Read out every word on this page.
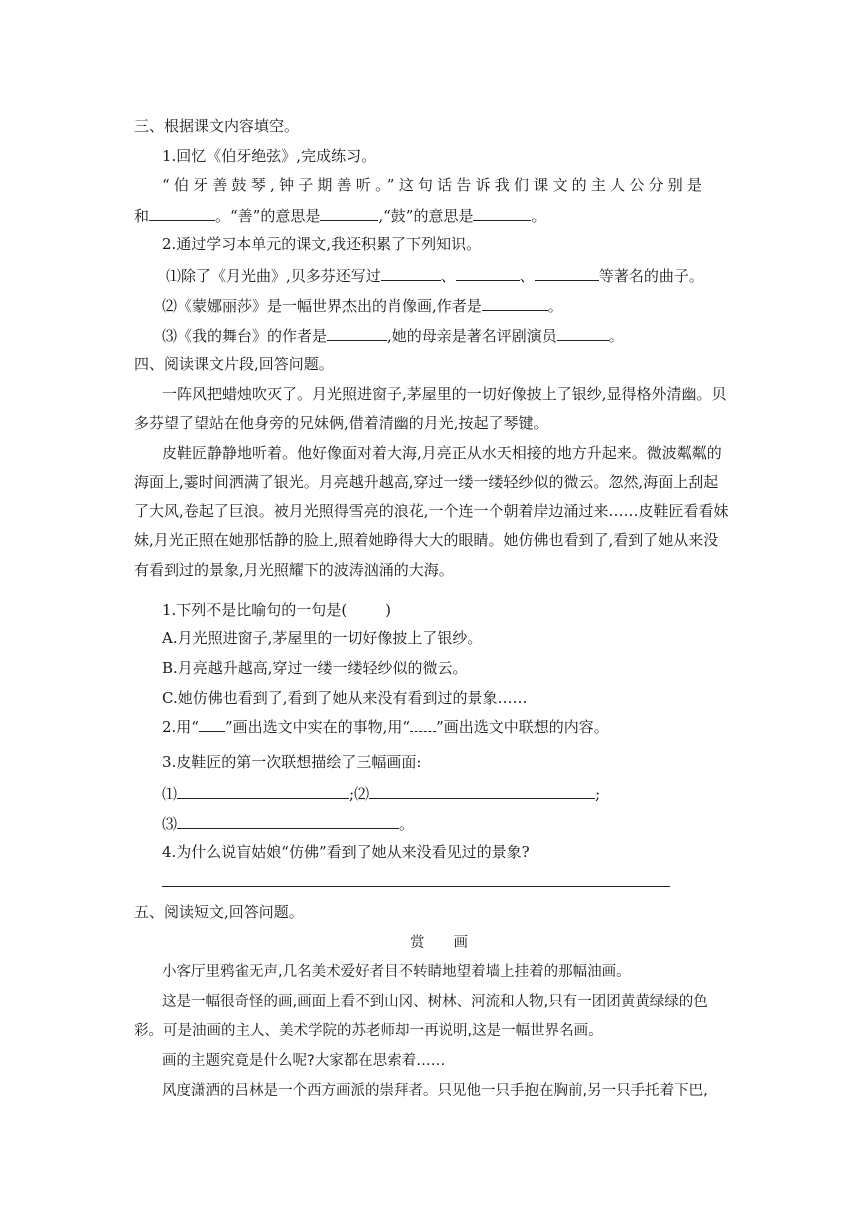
三、根据课文内容填空。
1.回忆《伯牙绝弦》,完成练习。
“伯牙善鼓琴,钟子期善听。”这句话告诉我们课文的主人公分别是
和	。“善”的意思是	,“鼓”的意思是	。
2.通过学习本单元的课文,我还积累了下列知识。
⑴除了《月光曲》,贝多芬还写过	、	、	等著名的曲子。
⑵《蒙娜丽莎》是一幅世界杰出的肖像画,作者是	。
⑶《我的舞台》的作者是	,她的母亲是著名评剧演员	。
四、阅读课文片段,回答问题。
一阵风把蜡烛吹灭了。月光照进窗子,茅屋里的一切好像披上了银纱,显得格外清幽。贝
多芬望了望站在他身旁的兄妹俩,借着清幽的月光,按起了琴键。
皮鞋匠静静地听着。他好像面对着大海,月亮正从水天相接的地方升起来。微波粼粼的
海面上,霎时间洒满了银光。月亮越升越高,穿过一缕一缕轻纱似的微云。忽然,海面上刮起
了大风,卷起了巨浪。被月光照得雪亮的浪花,一个连一个朝着岸边涌过来……皮鞋匠看看妹
妹,月光正照在她那恬静的脸上,照着她睁得大大的眼睛。她仿佛也看到了,看到了她从来没
有看到过的景象,月光照耀下的波涛汹涌的大海。
1.下列不是比喻句的一句是(	)
A.月光照进窗子,茅屋里的一切好像披上了银纱。
B.月亮越升越高,穿过一缕一缕轻纱似的微云。
C.她仿佛也看到了,看到了她从来没有看到过的景象……
2.用“ ”画出选文中实在的事物,用“ ”画出选文中联想的内容。
3.皮鞋匠的第一次联想描绘了三幅画面:
⑴	;⑵	;
⑶	。
4.为什么说盲姑娘“仿佛”看到了她从来没看见过的景象?
五、阅读短文,回答问题。
赏　　画
小客厅里鸦雀无声,几名美术爱好者目不转睛地望着墙上挂着的那幅油画。
这是一幅很奇怪的画,画面上看不到山冈、树林、河流和人物,只有一团团黄黄绿绿的色
彩。可是油画的主人、美术学院的苏老师却一再说明,这是一幅世界名画。
画的主题究竟是什么呢?大家都在思索着……
风度潇洒的吕林是一个西方画派的崇拜者。只见他一只手抱在胸前,另一只手托着下巴,
